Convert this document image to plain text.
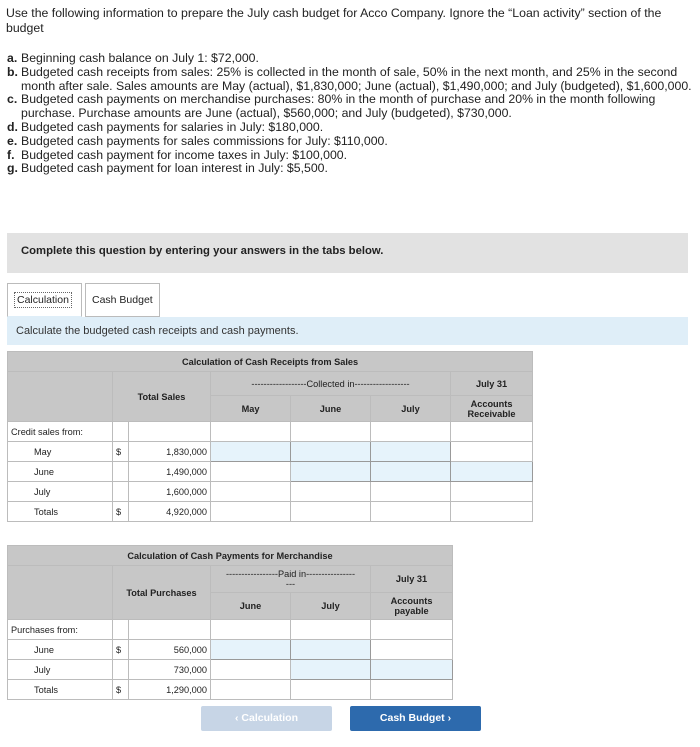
Use the following information to prepare the July cash budget for Acco Company. Ignore the “Loan activity” section of the budget
a. Beginning cash balance on July 1: $72,000.
b. Budgeted cash receipts from sales: 25% is collected in the month of sale, 50% in the next month, and 25% in the second month after sale. Sales amounts are May (actual), $1,830,000; June (actual), $1,490,000; and July (budgeted), $1,600,000.
c. Budgeted cash payments on merchandise purchases: 80% in the month of purchase and 20% in the month following purchase. Purchase amounts are June (actual), $560,000; and July (budgeted), $730,000.
d. Budgeted cash payments for salaries in July: $180,000.
e. Budgeted cash payments for sales commissions for July: $110,000.
f. Budgeted cash payment for income taxes in July: $100,000.
g. Budgeted cash payment for loan interest in July: $5,500.
Complete this question by entering your answers in the tabs below.
Calculation	Cash Budget
Calculate the budgeted cash receipts and cash payments.
Calculation of Cash Receipts from Sales						
	Total Sales		------------------Collected in------------------			July 31
			May	June	July	Accounts Receivable
Credit sales from:						
May	$	1,830,000				
June		1,490,000				
July		1,600,000				
Totals	$	4,920,000				
Calculation of Cash Payments for Merchandise						
	Total Purchases		-----------------Paid in----------------
---		July 31	
			June	July	Accounts payable	
Purchases from:						
June	$	560,000				
July		730,000				
Totals	$	1,290,000				
‹ Calculation	Cash Budget ›
